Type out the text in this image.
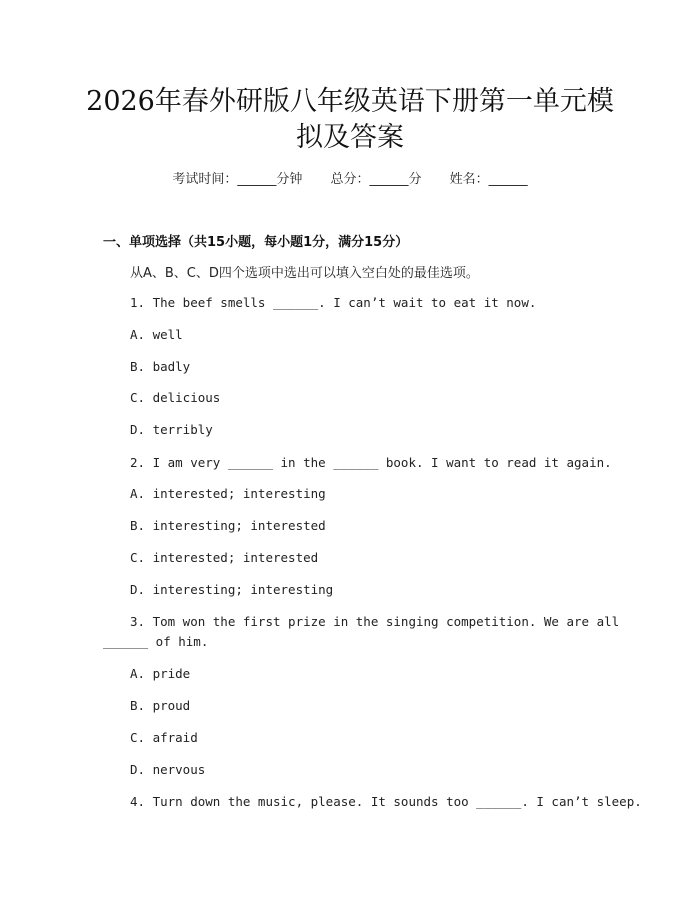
2026年春外研版八年级英语下册第一单元模
拟及答案
考试时间：______分钟 总分：______分 姓名：______
一、单项选择（共15小题，每小题1分，满分15分）
从A、B、C、D四个选项中选出可以填入空白处的最佳选项。
1. The beef smells ______. I can’t wait to eat it now.
A. well
B. badly
C. delicious
D. terribly
2. I am very ______ in the ______ book. I want to read it again.
A. interested; interesting
B. interesting; interested
C. interested; interested
D. interesting; interesting
3. Tom won the first prize in the singing competition. We are all
______ of him.
A. pride
B. proud
C. afraid
D. nervous
4. Turn down the music, please. It sounds too ______. I can’t sleep.
